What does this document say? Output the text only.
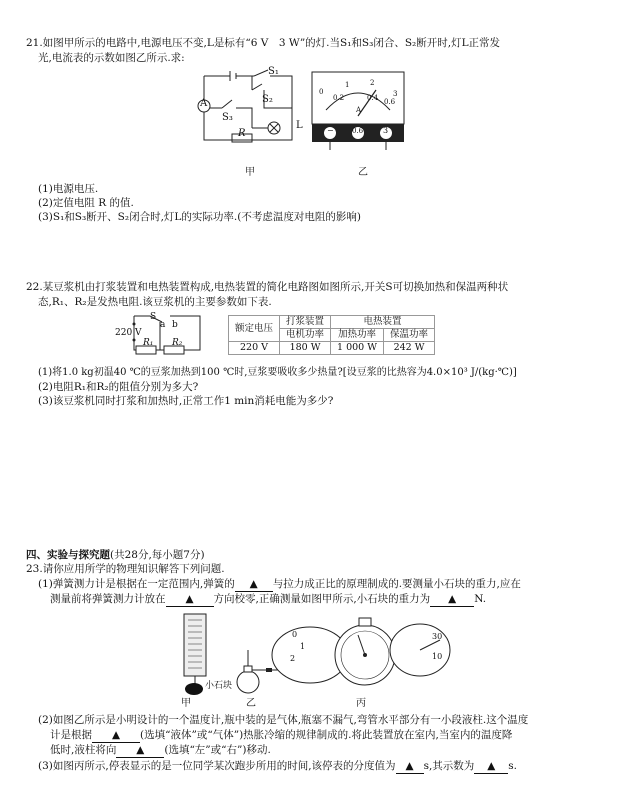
21.如图甲所示的电路中,电源电压不变,L是标有“6 V　3 W”的灯.当S₁和S₃闭合、S₂断开时,灯L正常发
光,电流表的示数如图乙所示.求:
A
S₁
S₂
S₃
L
R
0
0.2	0.4 0.6
1	2
3
A
−	0.6 3
甲	乙
(1)电源电压.
(2)定值电阻 R 的值.
(3)S₁和S₃断开、S₂闭合时,灯L的实际功率.(不考虑温度对电阻的影响)
22.某豆浆机由打浆装置和电热装置构成,电热装置的简化电路图如图所示,开关S可切换加热和保温两种状
态,R₁、R₂是发热电阻.该豆浆机的主要参数如下表.
220 V
S
a b
R₁ R₂
额定电压	打浆装置	电热装置	
	电机功率	加热功率	保温功率
220 V	180 W	1 000 W	242 W
(1)将1.0 kg初温40 ℃的豆浆加热到100 ℃时,豆浆要吸收多少热量?[设豆浆的比热容为4.0×10³ J/(kg·℃)]
(2)电阻R₁和R₂的阻值分别为多大?
(3)该豆浆机同时打浆和加热时,正常工作1 min消耗电能为多少?
四、实验与探究题(共28分,每小题7分)
23.请你应用所学的物理知识解答下列问题.
(1)弹簧测力计是根据在一定范围内,弹簧的 ▲ 与拉力成正比的原理制成的.要测量小石块的重力,应在
测量前将弹簧测力计放在 ▲ 方向校零,正确测量如图甲所示,小石块的重力为 ▲ N.
小石块
0
1
2
30
10
甲	乙	丙
(2)如图乙所示是小明设计的一个温度计,瓶中装的是气体,瓶塞不漏气,弯管水平部分有一小段液柱.这个温度
计是根据 ▲ (选填“液体”或“气体”)热胀冷缩的规律制成的.将此装置放在室内,当室内的温度降
低时,液柱将向 ▲ (选填“左”或“右”)移动.
(3)如图丙所示,停表显示的是一位同学某次跑步所用的时间,该停表的分度值为 ▲ s,其示数为 ▲ s.
